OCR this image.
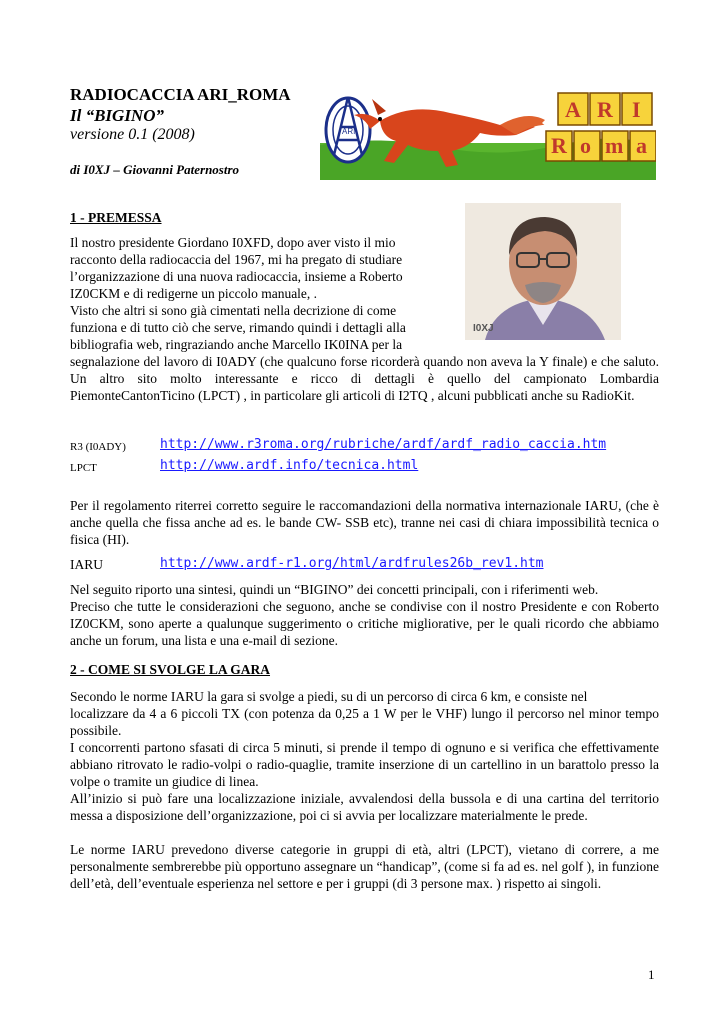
RADIOCACCIA ARI_ROMA
Il “BIGINO”
versione 0.1 (2008)
di I0XJ – Giovanni Paternostro
ARI
A R I
R o m a
1 - PREMESSA
Il nostro presidente Giordano I0XFD, dopo aver visto il mio
racconto della radiocaccia del 1967, mi ha pregato di studiare
l’organizzazione di una nuova radiocaccia, insieme a Roberto
IZ0CKM e di redigerne un piccolo manuale, .
Visto che altri si sono già cimentati nella decrizione di come
funziona e di tutto ciò che serve, rimando quindi i dettagli alla
bibliografia web, ringraziando anche Marcello IK0INA per la
I0XJ
segnalazione del lavoro di I0ADY (che qualcuno forse ricorderà quando non aveva la Y finale) e che saluto. Un altro sito molto interessante e ricco di dettagli è quello del campionato Lombardia PiemonteCantonTicino (LPCT) , in particolare gli articoli di I2TQ , alcuni pubblicati anche su RadioKit.
R3 (I0ADY)	http://www.r3roma.org/rubriche/ardf/ardf_radio_caccia.htm
LPCT	http://www.ardf.info/tecnica.html
Per il regolamento riterrei corretto seguire le raccomandazioni della normativa internazionale IARU, (che è anche quella che fissa anche ad es. le bande CW- SSB etc), tranne nei casi di chiara impossibilità tecnica o fisica (HI).
IARU	http://www.ardf-r1.org/html/ardfrules26b_rev1.htm
Nel seguito riporto una sintesi, quindi un “BIGINO” dei concetti principali, con i riferimenti web.
Preciso che tutte le considerazioni che seguono, anche se condivise con il nostro Presidente e con Roberto IZ0CKM, sono aperte a qualunque suggerimento o critiche migliorative, per le quali ricordo che abbiamo anche un forum, una lista e una e-mail di sezione.
2 - COME SI SVOLGE LA GARA
Secondo le norme IARU la gara si svolge a piedi, su di un percorso di circa 6 km, e consiste nel
localizzare da 4 a 6 piccoli TX (con potenza da 0,25 a 1 W per le VHF) lungo il percorso nel minor tempo possibile.
I concorrenti partono sfasati di circa 5 minuti, si prende il tempo di ognuno e si verifica che effettivamente abbiano ritrovato le radio-volpi o radio-quaglie, tramite inserzione di un cartellino in un barattolo presso la volpe o tramite un giudice di linea.
All’inizio si può fare una localizzazione iniziale, avvalendosi della bussola e di una cartina del territorio messa a disposizione dell’organizzazione, poi ci si avvia per localizzare materialmente le prede.
Le norme IARU prevedono diverse categorie in gruppi di età, altri (LPCT), vietano di correre, a me personalmente sembrerebbe più opportuno assegnare un “handicap”, (come si fa ad es. nel golf ), in funzione dell’età, dell’eventuale esperienza nel settore e per i gruppi (di 3 persone max. ) rispetto ai singoli.
1
